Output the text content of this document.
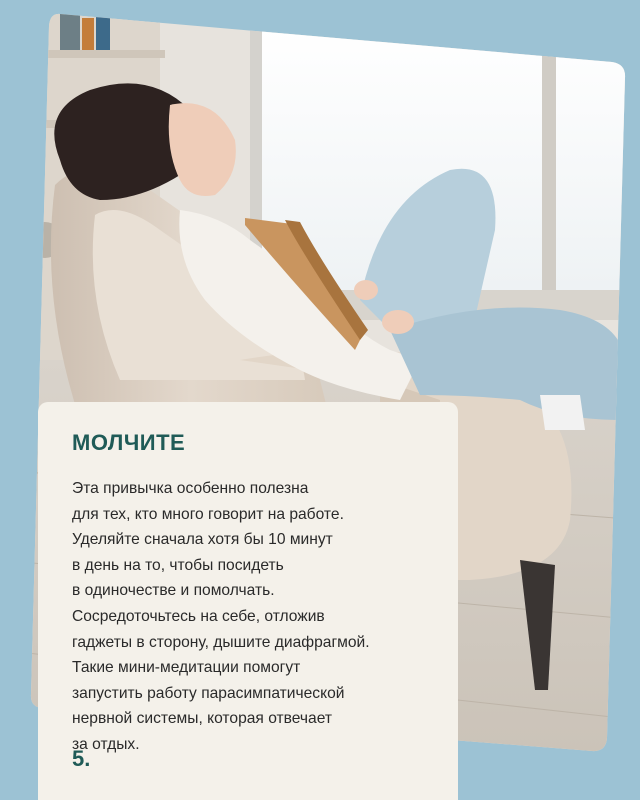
МОЛЧИТЕ
Эта привычка особенно полезна
для тех, кто много говорит на работе.
Уделяйте сначала хотя бы 10 минут
в день на то, чтобы посидеть
в одиночестве и помолчать.
Сосредоточьтесь на себе, отложив
гаджеты в сторону, дышите диафрагмой.
Такие мини-медитации помогут
запустить работу парасимпатической
нервной системы, которая отвечает
за отдых.
5.
